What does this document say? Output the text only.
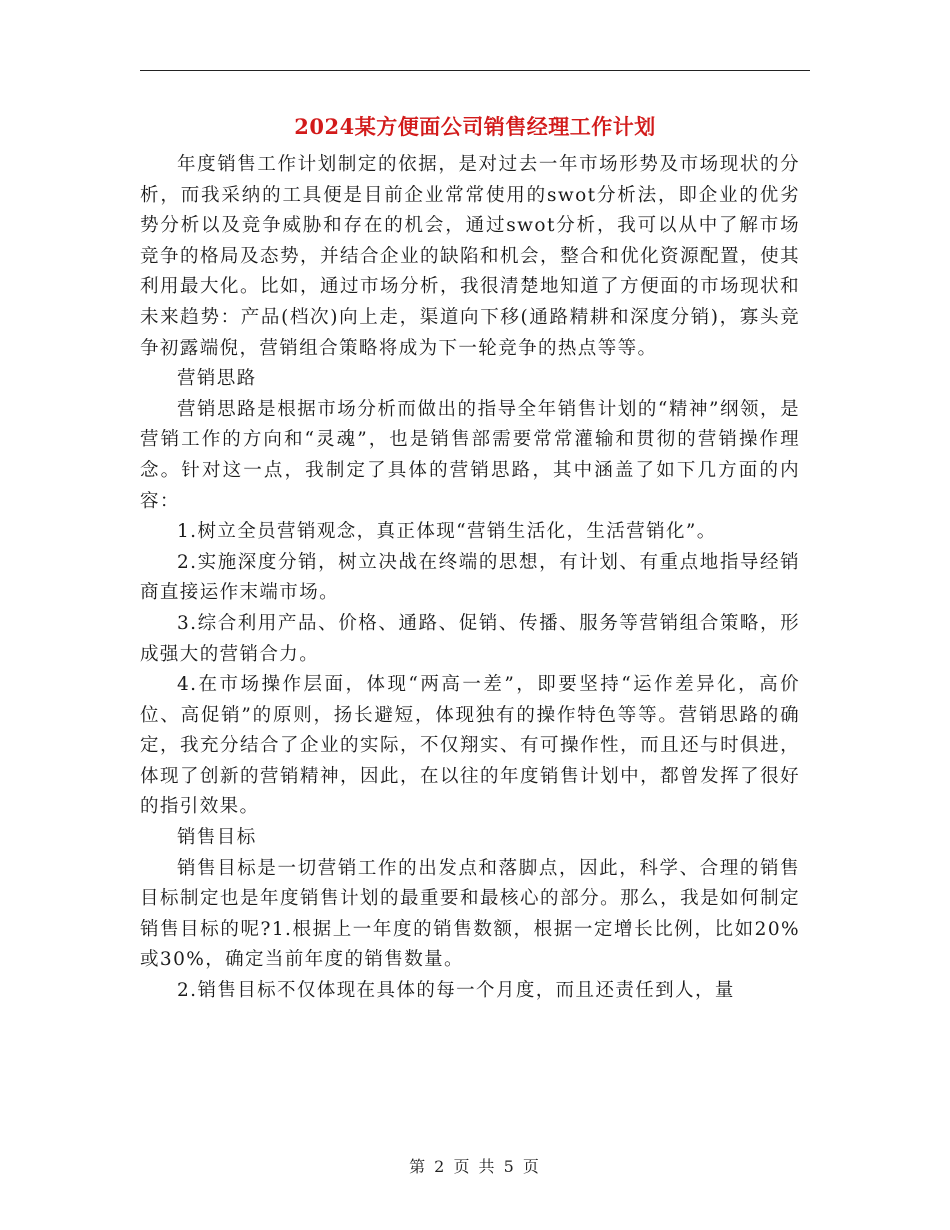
2024某方便面公司销售经理工作计划

年度销售工作计划制定的依据，是对过去一年市场形势及市场现状的分析，而我采纳的工具便是目前企业常常使用的swot分析法，即企业的优劣势分析以及竞争威胁和存在的机会，通过swot分析，我可以从中了解市场竞争的格局及态势，并结合企业的缺陷和机会，整合和优化资源配置，使其利用最大化。比如，通过市场分析，我很清楚地知道了方便面的市场现状和未来趋势：产品(档次)向上走，渠道向下移(通路精耕和深度分销)，寡头竞争初露端倪，营销组合策略将成为下一轮竞争的热点等等。

营销思路

营销思路是根据市场分析而做出的指导全年销售计划的“精神”纲领，是营销工作的方向和“灵魂”，也是销售部需要常常灌输和贯彻的营销操作理念。针对这一点，我制定了具体的营销思路，其中涵盖了如下几方面的内容：

1.树立全员营销观念，真正体现“营销生活化，生活营销化”。

2.实施深度分销，树立决战在终端的思想，有计划、有重点地指导经销商直接运作末端市场。

3.综合利用产品、价格、通路、促销、传播、服务等营销组合策略，形成强大的营销合力。

4.在市场操作层面，体现“两高一差”，即要坚持“运作差异化，高价位、高促销”的原则，扬长避短，体现独有的操作特色等等。营销思路的确定，我充分结合了企业的实际，不仅翔实、有可操作性，而且还与时俱进，体现了创新的营销精神，因此，在以往的年度销售计划中，都曾发挥了很好的指引效果。

销售目标

销售目标是一切营销工作的出发点和落脚点，因此，科学、合理的销售目标制定也是年度销售计划的最重要和最核心的部分。那么，我是如何制定销售目标的呢?1.根据上一年度的销售数额，根据一定增长比例，比如20%或30%，确定当前年度的销售数量。

2.销售目标不仅体现在具体的每一个月度，而且还责任到人，量

第 2 页 共 5 页
